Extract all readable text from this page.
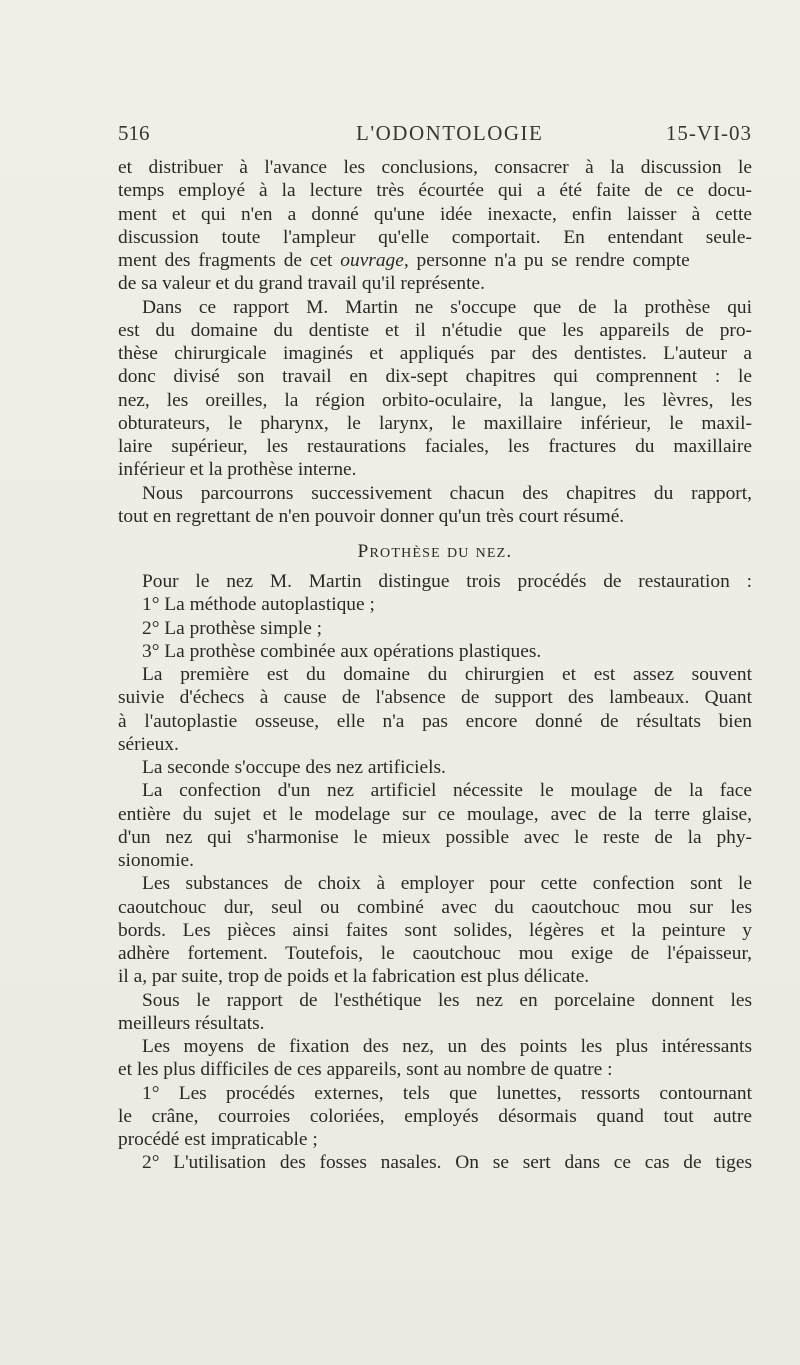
516	L'ODONTOLOGIE	15-VI-03
et distribuer à l'avance les conclusions, consacrer à la discussion le
temps employé à la lecture très écourtée qui a été faite de ce docu-
ment et qui n'en a donné qu'une idée inexacte, enfin laisser à cette
discussion toute l'ampleur qu'elle comportait. En entendant seule-
ment des fragments de cet ouvrage, personne n'a pu se rendre compte
de sa valeur et du grand travail qu'il représente.
Dans ce rapport M. Martin ne s'occupe que de la prothèse qui
est du domaine du dentiste et il n'étudie que les appareils de pro-
thèse chirurgicale imaginés et appliqués par des dentistes. L'auteur a
donc divisé son travail en dix-sept chapitres qui comprennent : le
nez, les oreilles, la région orbito-oculaire, la langue, les lèvres, les
obturateurs, le pharynx, le larynx, le maxillaire inférieur, le maxil-
laire supérieur, les restaurations faciales, les fractures du maxillaire
inférieur et la prothèse interne.
Nous parcourrons successivement chacun des chapitres du rapport,
tout en regrettant de n'en pouvoir donner qu'un très court résumé.
Prothèse du nez.
Pour le nez M. Martin distingue trois procédés de restauration :
1° La méthode autoplastique ;
2° La prothèse simple ;
3° La prothèse combinée aux opérations plastiques.
La première est du domaine du chirurgien et est assez souvent
suivie d'échecs à cause de l'absence de support des lambeaux. Quant
à l'autoplastie osseuse, elle n'a pas encore donné de résultats bien
sérieux.
La seconde s'occupe des nez artificiels.
La confection d'un nez artificiel nécessite le moulage de la face
entière du sujet et le modelage sur ce moulage, avec de la terre glaise,
d'un nez qui s'harmonise le mieux possible avec le reste de la phy-
sionomie.
Les substances de choix à employer pour cette confection sont le
caoutchouc dur, seul ou combiné avec du caoutchouc mou sur les
bords. Les pièces ainsi faites sont solides, légères et la peinture y
adhère fortement. Toutefois, le caoutchouc mou exige de l'épaisseur,
il a, par suite, trop de poids et la fabrication est plus délicate.
Sous le rapport de l'esthétique les nez en porcelaine donnent les
meilleurs résultats.
Les moyens de fixation des nez, un des points les plus intéressants
et les plus difficiles de ces appareils, sont au nombre de quatre :
1° Les procédés externes, tels que lunettes, ressorts contournant
le crâne, courroies coloriées, employés désormais quand tout autre
procédé est impraticable ;
2° L'utilisation des fosses nasales. On se sert dans ce cas de tiges
